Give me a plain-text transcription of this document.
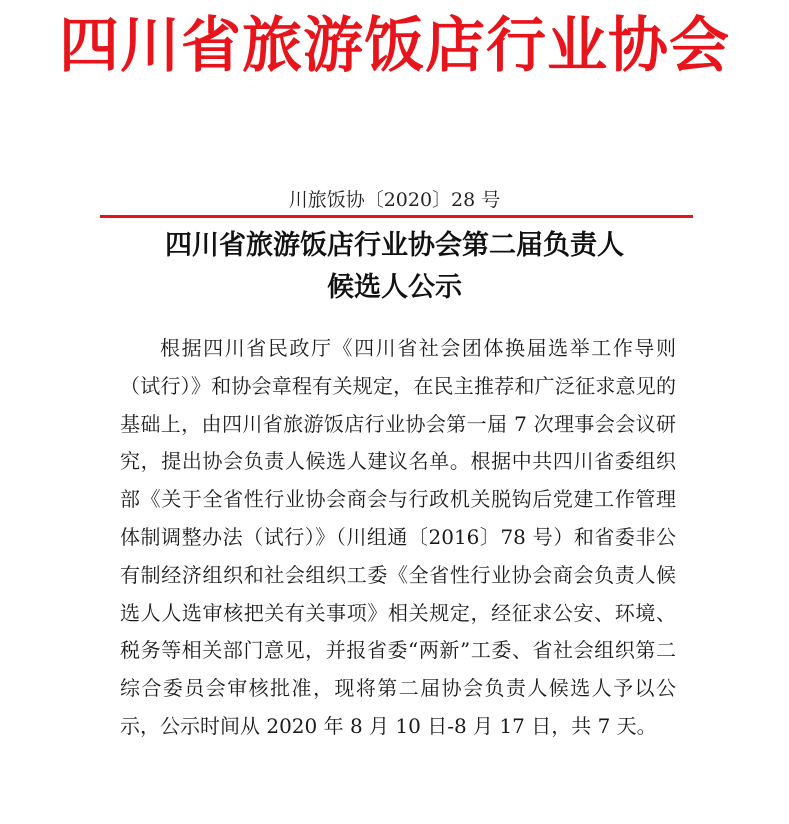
四川省旅游饭店行业协会
川旅饭协〔2020〕28 号
四川省旅游饭店行业协会第二届负责人
候选人公示

根据四川省民政厅《四川省社会团体换届选举工作导则（试行）》和协会章程有关规定，在民主推荐和广泛征求意见的基础上，由四川省旅游饭店行业协会第一届 7 次理事会会议研究，提出协会负责人候选人建议名单。根据中共四川省委组织部《关于全省性行业协会商会与行政机关脱钩后党建工作管理体制调整办法（试行）》（川组通〔2016〕78 号）和省委非公有制经济组织和社会组织工委《全省性行业协会商会负责人候选人人选审核把关有关事项》相关规定，经征求公安、环境、税务等相关部门意见，并报省委“两新”工委、省社会组织第二综合委员会审核批准，现将第二届协会负责人候选人予以公示，公示时间从 2020 年 8 月 10 日-8 月 17 日，共 7 天。
